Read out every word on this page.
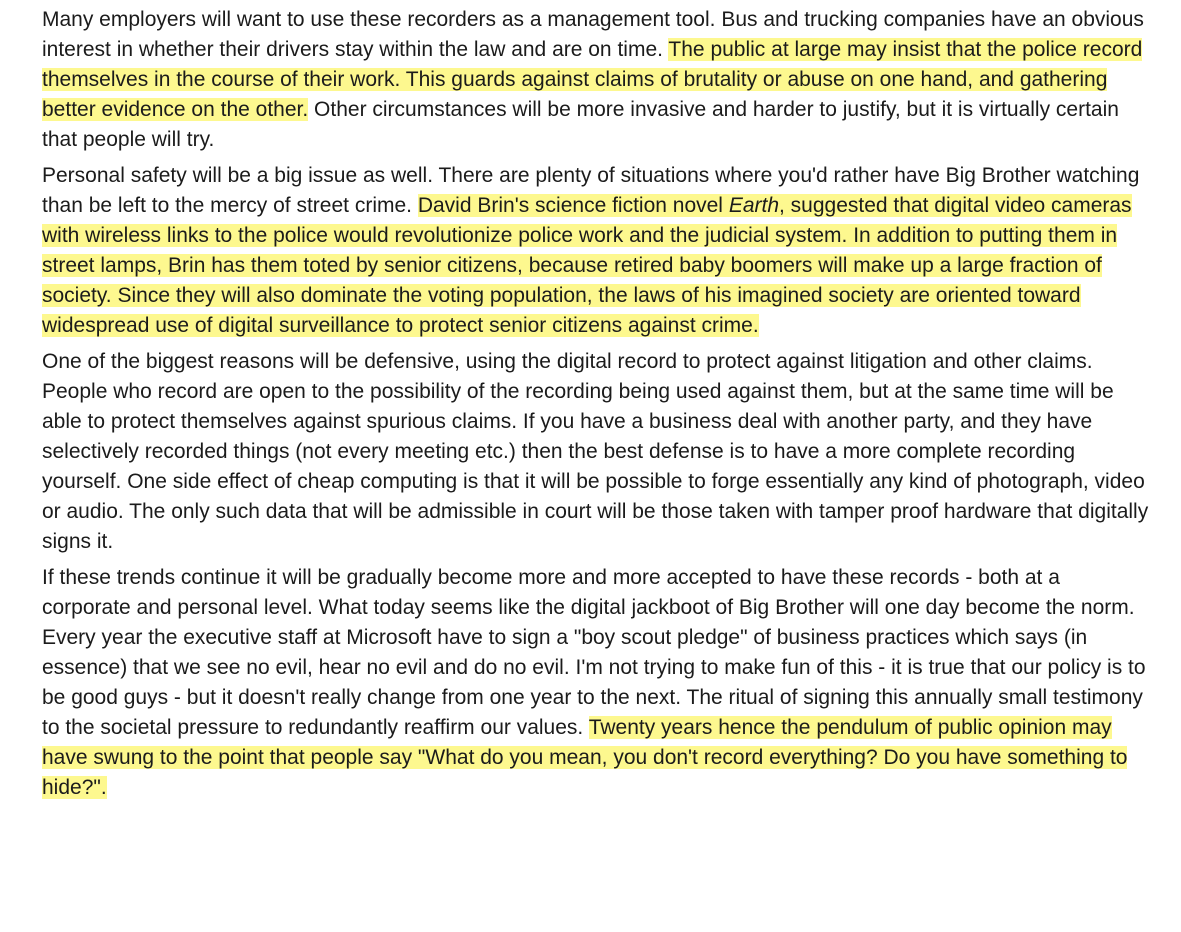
Many employers will want to use these recorders as a management tool. Bus and trucking companies have an obvious interest in whether their drivers stay within the law and are on time. The public at large may insist that the police record themselves in the course of their work. This guards against claims of brutality or abuse on one hand, and gathering better evidence on the other. Other circumstances will be more invasive and harder to justify, but it is virtually certain that people will try.

Personal safety will be a big issue as well. There are plenty of situations where you'd rather have Big Brother watching than be left to the mercy of street crime. David Brin's science fiction novel Earth, suggested that digital video cameras with wireless links to the police would revolutionize police work and the judicial system. In addition to putting them in street lamps, Brin has them toted by senior citizens, because retired baby boomers will make up a large fraction of society. Since they will also dominate the voting population, the laws of his imagined society are oriented toward widespread use of digital surveillance to protect senior citizens against crime.

One of the biggest reasons will be defensive, using the digital record to protect against litigation and other claims. People who record are open to the possibility of the recording being used against them, but at the same time will be able to protect themselves against spurious claims. If you have a business deal with another party, and they have selectively recorded things (not every meeting etc.) then the best defense is to have a more complete recording yourself. One side effect of cheap computing is that it will be possible to forge essentially any kind of photograph, video or audio. The only such data that will be admissible in court will be those taken with tamper proof hardware that digitally signs it.

If these trends continue it will be gradually become more and more accepted to have these records - both at a corporate and personal level. What today seems like the digital jackboot of Big Brother will one day become the norm. Every year the executive staff at Microsoft have to sign a "boy scout pledge" of business practices which says (in essence) that we see no evil, hear no evil and do no evil. I'm not trying to make fun of this - it is true that our policy is to be good guys - but it doesn't really change from one year to the next. The ritual of signing this annually small testimony to the societal pressure to redundantly reaffirm our values. Twenty years hence the pendulum of public opinion may have swung to the point that people say "What do you mean, you don't record everything? Do you have something to hide?".
